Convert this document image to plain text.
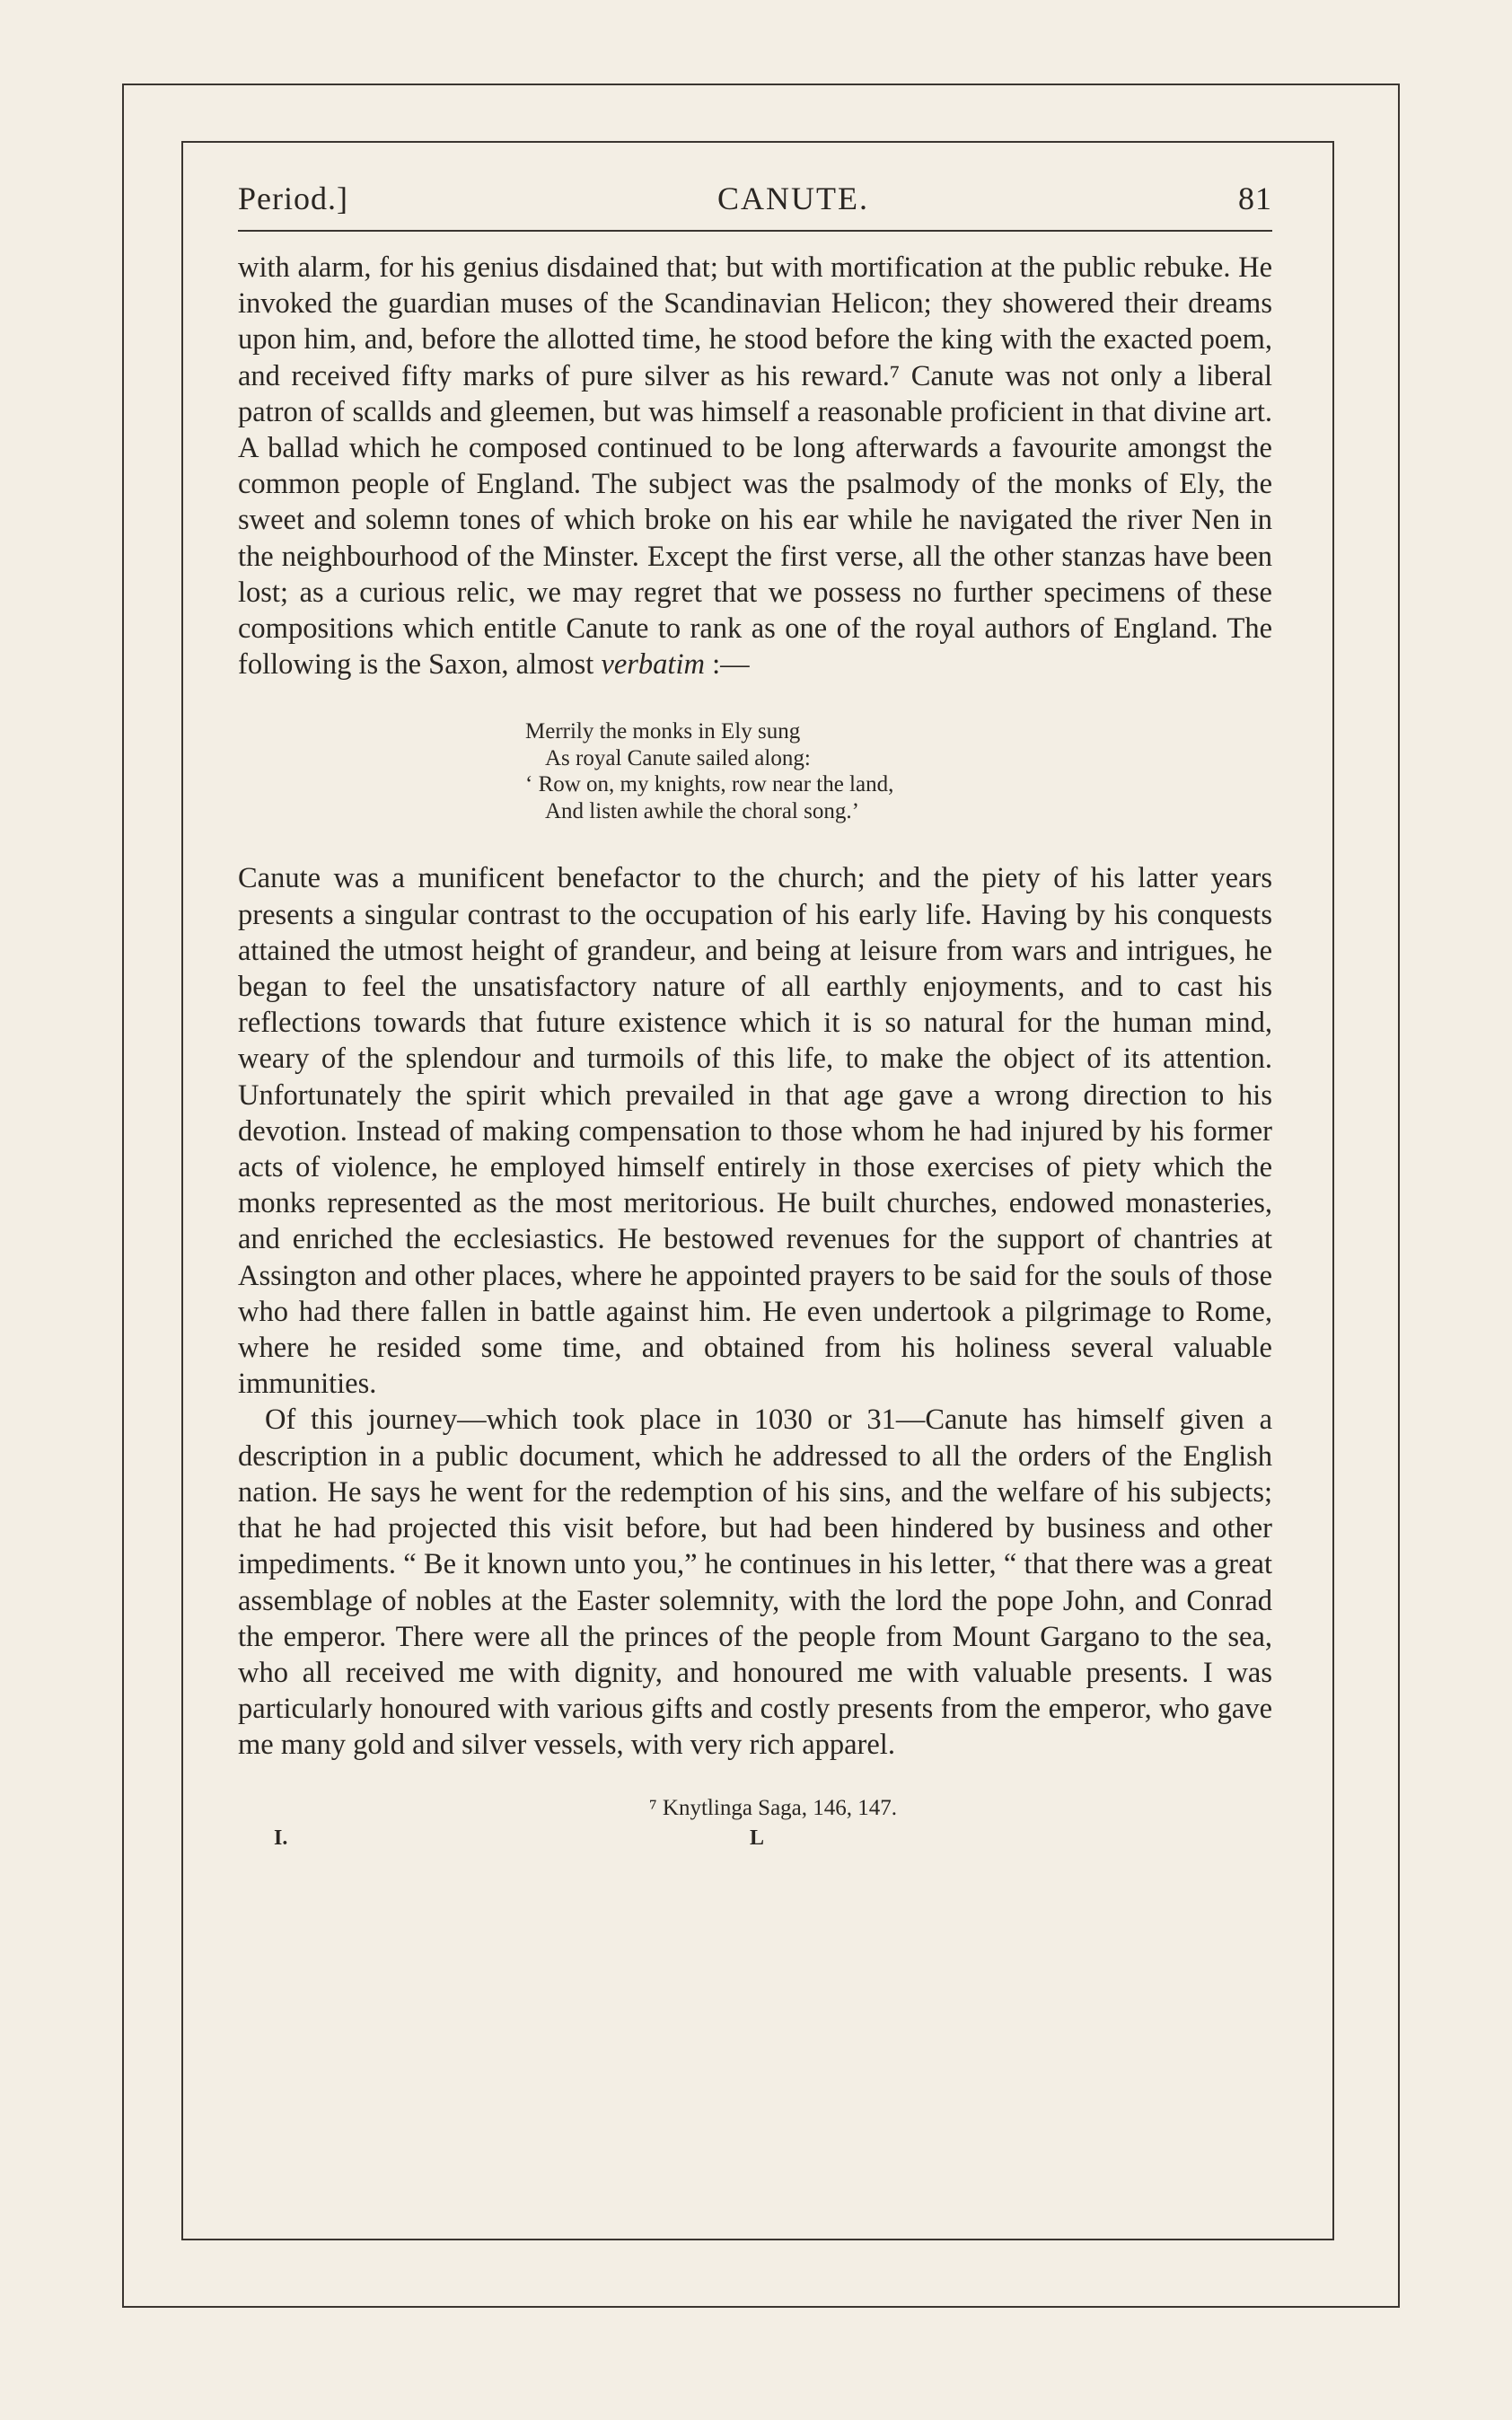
Period.]	CANUTE.	81

with alarm, for his genius disdained that; but with mortification at the public rebuke. He invoked the guardian muses of the Scandinavian Helicon; they showered their dreams upon him, and, before the allotted time, he stood before the king with the exacted poem, and received fifty marks of pure silver as his reward.⁷ Canute was not only a liberal patron of scallds and gleemen, but was himself a reasonable proficient in that divine art. A ballad which he composed continued to be long afterwards a favourite amongst the common people of England. The subject was the psalmody of the monks of Ely, the sweet and solemn tones of which broke on his ear while he navigated the river Nen in the neighbourhood of the Minster. Except the first verse, all the other stanzas have been lost; as a curious relic, we may regret that we possess no further specimens of these compositions which entitle Canute to rank as one of the royal authors of England. The following is the Saxon, almost verbatim :—

Merrily the monks in Ely sung
As royal Canute sailed along:
‘ Row on, my knights, row near the land,
And listen awhile the choral song.’

Canute was a munificent benefactor to the church; and the piety of his latter years presents a singular contrast to the occupation of his early life. Having by his conquests attained the utmost height of grandeur, and being at leisure from wars and intrigues, he began to feel the unsatisfactory nature of all earthly enjoyments, and to cast his reflections towards that future existence which it is so natural for the human mind, weary of the splendour and turmoils of this life, to make the object of its attention. Unfortunately the spirit which prevailed in that age gave a wrong direction to his devotion. Instead of making compensation to those whom he had injured by his former acts of violence, he employed himself entirely in those exercises of piety which the monks represented as the most meritorious. He built churches, endowed monasteries, and enriched the ecclesiastics. He bestowed revenues for the support of chantries at Assington and other places, where he appointed prayers to be said for the souls of those who had there fallen in battle against him. He even undertook a pilgrimage to Rome, where he resided some time, and obtained from his holiness several valuable immunities.

Of this journey—which took place in 1030 or 31—Canute has himself given a description in a public document, which he addressed to all the orders of the English nation. He says he went for the redemption of his sins, and the welfare of his subjects; that he had projected this visit before, but had been hindered by business and other impediments. “ Be it known unto you,” he continues in his letter, “ that there was a great assemblage of nobles at the Easter solemnity, with the lord the pope John, and Conrad the emperor. There were all the princes of the people from Mount Gargano to the sea, who all received me with dignity, and honoured me with valuable presents. I was particularly honoured with various gifts and costly presents from the emperor, who gave me many gold and silver vessels, with very rich apparel.

⁷ Knytlinga Saga, 146, 147.
I.	L
